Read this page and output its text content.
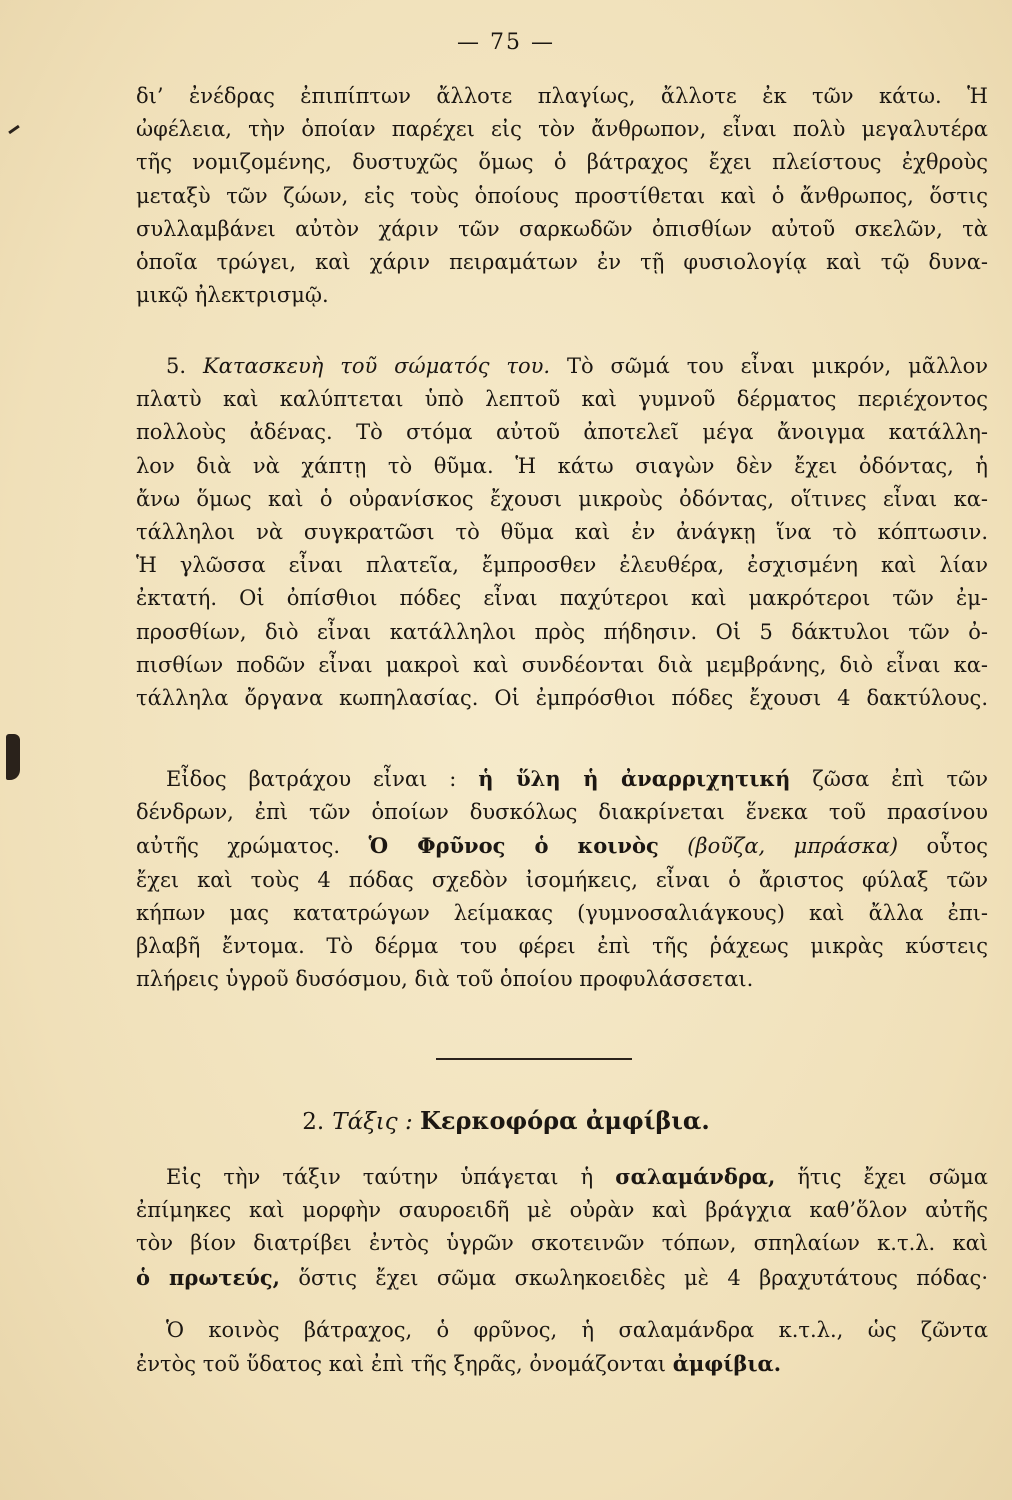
— 75 —
δι’ ἐνέδρας ἐπιπίπτων ἄλλοτε πλαγίως, ἄλλοτε ἐκ τῶν κάτω. Ἡ
ὠφέλεια, τὴν ὁποίαν παρέχει εἰς τὸν ἄνθρωπον, εἶναι πολὺ μεγαλυτέρα
τῆς νομιζομένης, δυστυχῶς ὅμως ὁ βάτραχος ἔχει πλείστους ἐχθροὺς
μεταξὺ τῶν ζώων, εἰς τοὺς ὁποίους προστίθεται καὶ ὁ ἄνθρωπος, ὅστις
συλλαμβάνει αὐτὸν χάριν τῶν σαρκωδῶν ὀπισθίων αὐτοῦ σκελῶν, τὰ
ὁποῖα τρώγει, καὶ χάριν πειραμάτων ἐν τῇ φυσιολογίᾳ καὶ τῷ δυνα-
μικῷ ἠλεκτρισμῷ.
5. Κατασκευὴ τοῦ σώματός του. Τὸ σῶμά του εἶναι μικρόν, μᾶλλον
πλατὺ καὶ καλύπτεται ὑπὸ λεπτοῦ καὶ γυμνοῦ δέρματος περιέχοντος
πολλοὺς ἀδένας. Τὸ στόμα αὐτοῦ ἀποτελεῖ μέγα ἄνοιγμα κατάλλη-
λον διὰ νὰ χάπτῃ τὸ θῦμα. Ἡ κάτω σιαγὼν δὲν ἔχει ὀδόντας, ἡ
ἄνω ὅμως καὶ ὁ οὐρανίσκος ἔχουσι μικροὺς ὀδόντας, οἵτινες εἶναι κα-
τάλληλοι νὰ συγκρατῶσι τὸ θῦμα καὶ ἐν ἀνάγκῃ ἵνα τὸ κόπτωσιν.
Ἡ γλῶσσα εἶναι πλατεῖα, ἔμπροσθεν ἐλευθέρα, ἐσχισμένη καὶ λίαν
ἐκτατή. Οἱ ὀπίσθιοι πόδες εἶναι παχύτεροι καὶ μακρότεροι τῶν ἐμ-
προσθίων, διὸ εἶναι κατάλληλοι πρὸς πήδησιν. Οἱ 5 δάκτυλοι τῶν ὀ-
πισθίων ποδῶν εἶναι μακροὶ καὶ συνδέονται διὰ μεμβράνης, διὸ εἶναι κα-
τάλληλα ὄργανα κωπηλασίας. Οἱ ἐμπρόσθιοι πόδες ἔχουσι 4 δακτύλους.
Εἶδος βατράχου εἶναι : ἡ ὕλη ἡ ἀναρριχητική ζῶσα ἐπὶ τῶν
δένδρων, ἐπὶ τῶν ὁποίων δυσκόλως διακρίνεται ἕνεκα τοῦ πρασίνου
αὐτῆς χρώματος. Ὁ Φρῦνος ὁ κοινὸς (βοῦζα, μπράσκα) οὗτος
ἔχει καὶ τοὺς 4 πόδας σχεδὸν ἰσομήκεις, εἶναι ὁ ἄριστος φύλαξ τῶν
κήπων μας κατατρώγων λείμακας (γυμνοσαλιάγκους) καὶ ἄλλα ἐπι-
βλαβῆ ἔντομα. Τὸ δέρμα του φέρει ἐπὶ τῆς ῥάχεως μικρὰς κύστεις
πλήρεις ὑγροῦ δυσόσμου, διὰ τοῦ ὁποίου προφυλάσσεται.
2. Τάξις : Κερκοφόρα ἀμφίβια.
Εἰς τὴν τάξιν ταύτην ὑπάγεται ἡ σαλαμάνδρα, ἥτις ἔχει σῶμα
ἐπίμηκες καὶ μορφὴν σαυροειδῆ μὲ οὐρὰν καὶ βράγχια καθ’ὅλον αὐτῆς
τὸν βίον διατρίβει ἐντὸς ὑγρῶν σκοτεινῶν τόπων, σπηλαίων κ.τ.λ. καὶ
ὁ πρωτεύς, ὅστις ἔχει σῶμα σκωληκοειδὲς μὲ 4 βραχυτάτους πόδας·
Ὁ κοινὸς βάτραχος, ὁ φρῦνος, ἡ σαλαμάνδρα κ.τ.λ., ὡς ζῶντα
ἐντὸς τοῦ ὕδατος καὶ ἐπὶ τῆς ξηρᾶς, ὀνομάζονται ἀμφίβια.
